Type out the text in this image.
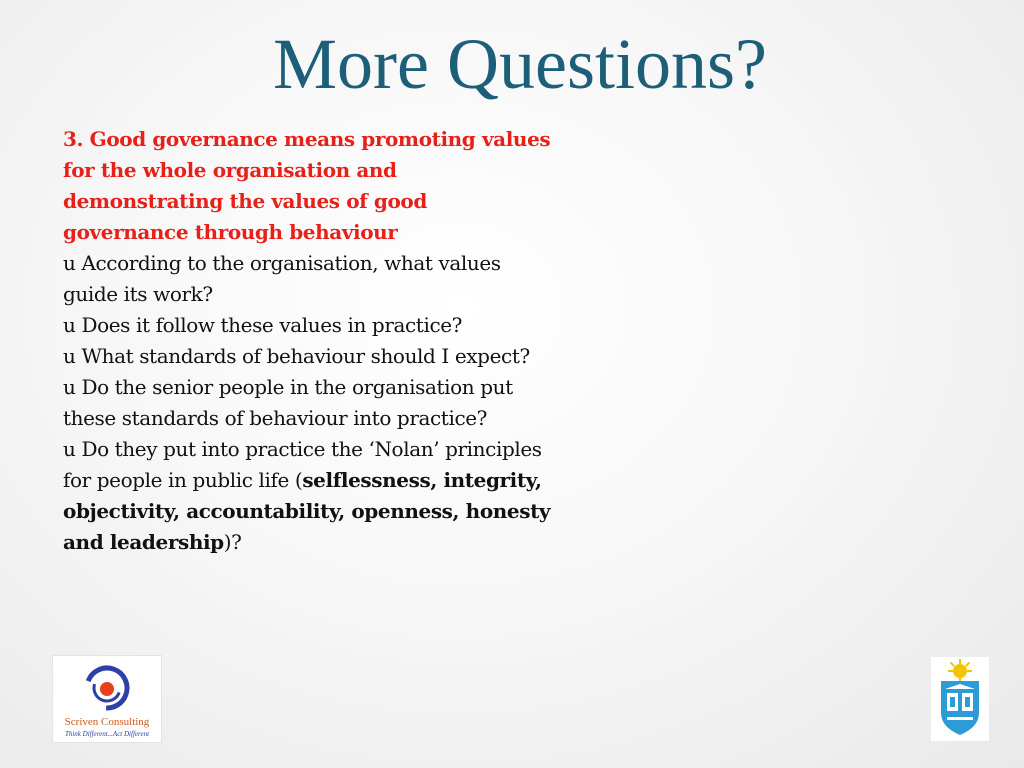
More Questions?
3. Good governance means promoting values for the whole organisation and demonstrating the values of good governance through behaviour
u According to the organisation, what values guide its work?
u Does it follow these values in practice?
u What standards of behaviour should I expect?
u Do the senior people in the organisation put these standards of behaviour into practice?
u Do they put into practice the ‘Nolan’ principles for people in public life (selflessness, integrity, objectivity, accountability, openness, honesty and leadership)?
Scriven Consulting
Think Different...Act Different
